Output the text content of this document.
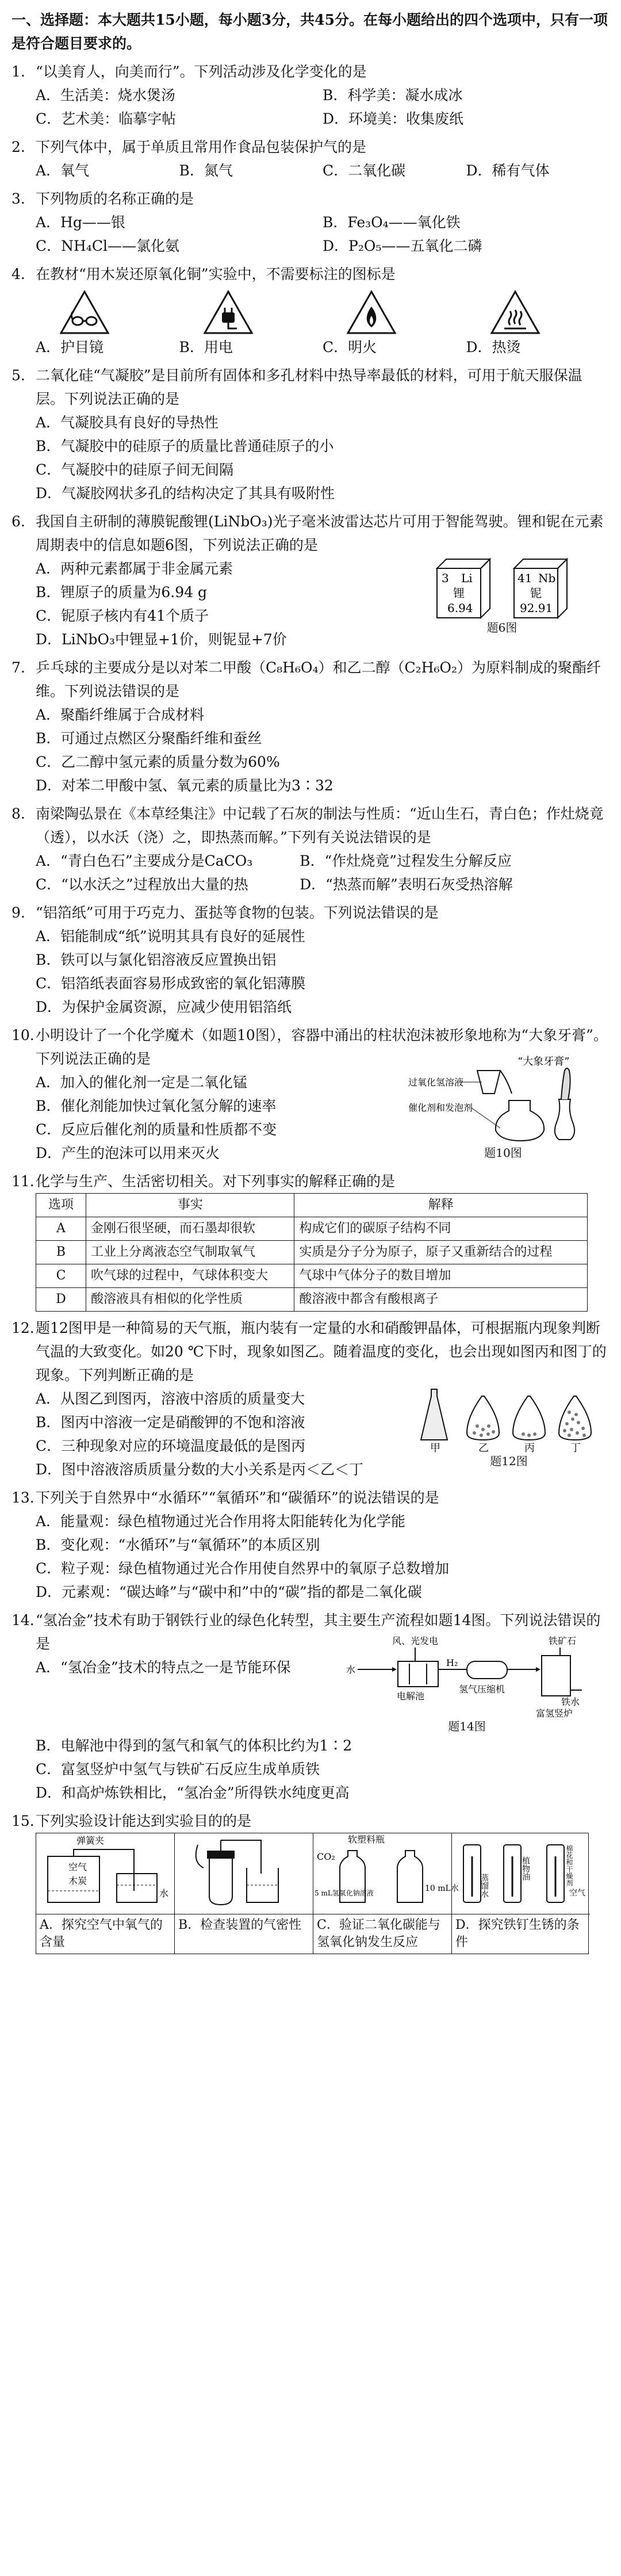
一、选择题：本大题共15小题，每小题3分，共45分。在每小题给出的四个选项中，只有一项是符合题目要求的。
1. “以美育人，向美而行”。下列活动涉及化学变化的是
A．生活美：烧水煲汤	B．科学美：凝水成冰
C．艺术美：临摹字帖	D．环境美：收集废纸
2. 下列气体中，属于单质且常用作食品包装保护气的是
A．氧气	B．氮气	C．二氧化碳	D．稀有气体
3. 下列物质的名称正确的是
A．Hg——银	B．Fe₃O₄——氧化铁
C．NH₄Cl——氯化氨	D．P₂O₅——五氧化二磷
4. 在教材“用木炭还原氧化铜”实验中，不需要标注的图标是
A．护目镜	B．用电	C．明火	D．热烫
5. 二氧化硅“气凝胶”是目前所有固体和多孔材料中热导率最低的材料，可用于航天服保温层。下列说法正确的是
A．气凝胶具有良好的导热性
B．气凝胶中的硅原子的质量比普通硅原子的小
C．气凝胶中的硅原子间无间隔
D．气凝胶网状多孔的结构决定了其具有吸附性
6. 我国自主研制的薄膜铌酸锂(LiNbO₃)光子毫米波雷达芯片可用于智能驾驶。锂和铌在元素周期表中的信息如题6图，下列说法正确的是
A．两种元素都属于非金属元素
B．锂原子的质量为6.94 g
C．铌原子核内有41个质子
D．LiNbO₃中锂显+1价，则铌显+7价
3 Li
锂
6.94
41 Nb
铌
92.91
题6图
7. 乒乓球的主要成分是以对苯二甲酸（C₈H₆O₄）和乙二醇（C₂H₆O₂）为原料制成的聚酯纤维。下列说法错误的是
A．聚酯纤维属于合成材料
B．可通过点燃区分聚酯纤维和蚕丝
C．乙二醇中氢元素的质量分数为60%
D．对苯二甲酸中氢、氧元素的质量比为3∶32
8. 南梁陶弘景在《本草经集注》中记载了石灰的制法与性质：“近山生石，青白色；作灶烧竟（透），以水沃（浇）之，即热蒸而解。”下列有关说法错误的是
A．“青白色石”主要成分是CaCO₃	B．“作灶烧竟”过程发生分解反应
C．“以水沃之”过程放出大量的热	D．“热蒸而解”表明石灰受热溶解
9. “铝箔纸”可用于巧克力、蛋挞等食物的包装。下列说法错误的是
A．铝能制成“纸”说明其具有良好的延展性
B．铁可以与氯化铝溶液反应置换出铝
C．铝箔纸表面容易形成致密的氧化铝薄膜
D．为保护金属资源，应减少使用铝箔纸
10. 小明设计了一个化学魔术（如题10图），容器中涌出的柱状泡沫被形象地称为“大象牙膏”。下列说法正确的是
A．加入的催化剂一定是二氧化锰
B．催化剂能加快过氧化氢分解的速率
C．反应后催化剂的质量和性质都不变
D．产生的泡沫可以用来灭火
“大象牙膏”
过氧化氢溶液
催化剂和发泡剂
题10图
11. 化学与生产、生活密切相关。对下列事实的解释正确的是
选项	事实	解释
A	金刚石很坚硬，而石墨却很软	构成它们的碳原子结构不同
B	工业上分离液态空气制取氧气	实质是分子分为原子，原子又重新结合的过程
C	吹气球的过程中，气球体积变大	气球中气体分子的数目增加
D	酸溶液具有相似的化学性质	酸溶液中都含有酸根离子
12. 题12图甲是一种简易的天气瓶，瓶内装有一定量的水和硝酸钾晶体，可根据瓶内现象判断气温的大致变化。如20 ℃下时，现象如图乙。随着温度的变化，也会出现如图丙和图丁的现象。下列判断正确的是
A．从图乙到图丙，溶液中溶质的质量变大
B．图丙中溶液一定是硝酸钾的不饱和溶液
C．三种现象对应的环境温度最低的是图丙
D．图中溶液溶质质量分数的大小关系是丙＜乙＜丁
甲	乙	丙	丁
题12图
13. 下列关于自然界中“水循环”“氧循环”和“碳循环”的说法错误的是
A．能量观：绿色植物通过光合作用将太阳能转化为化学能
B．变化观：“水循环”与“氧循环”的本质区别
C．粒子观：绿色植物通过光合作用使自然界中的氧原子总数增加
D．元素观：“碳达峰”与“碳中和”中的“碳”指的都是二氧化碳
14. “氢冶金”技术有助于钢铁行业的绿色化转型，其主要生产流程如题14图。下列说法错误的是
A．“氢冶金”技术的特点之一是节能环保
风、光发电
水
铁矿石
电解池
H₂
氢气压缩机
铁水
富氢竖炉
题14图
B．电解池中得到的氢气和氧气的体积比约为1∶2
C．富氢竖炉中氢气与铁矿石反应生成单质铁
D．和高炉炼铁相比，“氢冶金”所得铁水纯度更高
15. 下列实验设计能达到实验目的的是
弹簧夹
空气
木炭
水
A．探究空气中氧气的含量
B．检查装置的气密性
软塑料瓶
CO₂
5 mL氢氧化钠溶液	10 mL水
C．验证二氧化碳能与氢氧化钠发生反应
蒸馏水
植物油	棉花和干燥剂
空气
D．探究铁钉生锈的条件
